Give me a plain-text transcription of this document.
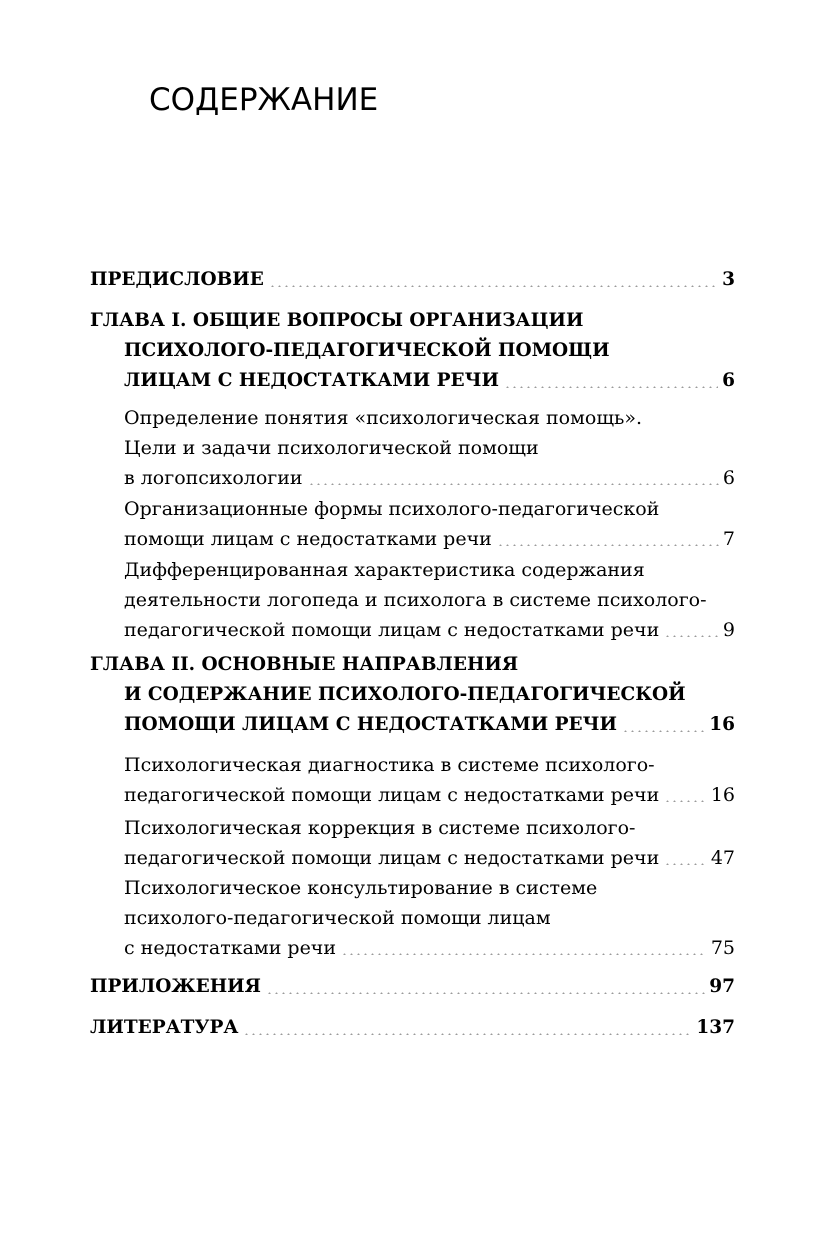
СОДЕРЖАНИЕ
ПРЕДИСЛОВИЕ	3
ГЛАВА I. ОБЩИЕ ВОПРОСЫ ОРГАНИЗАЦИИ
ПСИХОЛОГО-ПЕДАГОГИЧЕСКОЙ ПОМОЩИ
ЛИЦАМ С НЕДОСТАТКАМИ РЕЧИ	6
Определение понятия «психологическая помощь».
Цели и задачи психологической помощи
в логопсихологии	6
Организационные формы психолого-педагогической
помощи лицам с недостатками речи	7
Дифференцированная характеристика содержания
деятельности логопеда и психолога в системе психолого-
педагогической помощи лицам с недостатками речи	9
ГЛАВА II. ОСНОВНЫЕ НАПРАВЛЕНИЯ
И СОДЕРЖАНИЕ ПСИХОЛОГО-ПЕДАГОГИЧЕСКОЙ
ПОМОЩИ ЛИЦАМ С НЕДОСТАТКАМИ РЕЧИ	16
Психологическая диагностика в системе психолого-
педагогической помощи лицам с недостатками речи	16
Психологическая коррекция в системе психолого-
педагогической помощи лицам с недостатками речи	47
Психологическое консультирование в системе
психолого-педагогической помощи лицам
с недостатками речи	75
ПРИЛОЖЕНИЯ	97
ЛИТЕРАТУРА	137
